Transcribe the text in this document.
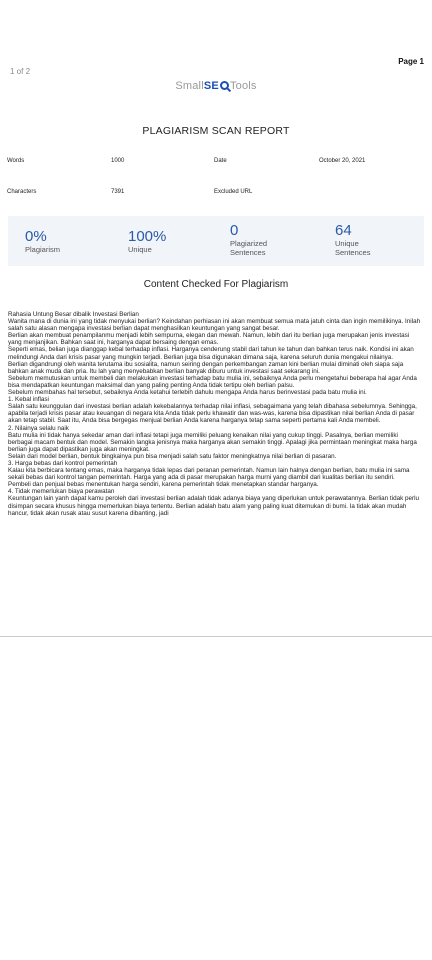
Page 1
1 of 2
SmallSE Tools
PLAGIARISM SCAN REPORT
Words	1000	Date	October 20, 2021
Characters	7391	Excluded URL
0%
Plagiarism
100%
Unique
0
Plagiarized
Sentences
64
Unique
Sentences
Content Checked For Plagiarism

Rahasia Untung Besar dibalik Investasi Berlian

Wanita mana di dunia ini yang tidak menyukai berlian? Keindahan perhiasan ini akan membuat semua mata jatuh cinta dan ingin memilikinya. Inilah salah satu alasan mengapa investasi berlian dapat menghasilkan keuntungan yang sangat besar.

Berlian akan membuat penampilanmu menjadi lebih sempurna, elegan dan mewah. Namun, lebih dari itu berlian juga merupakan jenis investasi yang menjanjikan. Bahkan saat ini, harganya dapat bersaing dengan emas.

Seperti emas, belian juga dianggap kebal terhadap inflasi. Harganya cenderung stabil dari tahun ke tahun dan bahkan terus naik. Kondisi ini akan melindungi Anda dari krisis pasar yang mungkin terjadi. Berlian juga bisa digunakan dimana saja, karena seluruh dunia mengakui nilainya.

Berlian digandrungi oleh wanita terutama ibu sosialita, namun seiring dengan perkembangan zaman kini berlian mulai diminati oleh siapa saja bahkan anak muda dan pria. Itu lah yang menyebabkan berlian banyak diburu untuk investasi saat sekarang ini.

Sebelum memutuskan untuk membeli dan melakukan investasi terhadap batu mulia ini, sebaiknya Anda perlu mengetahui beberapa hal agar Anda bisa mendapatkan keuntungan maksimal dan yang paling penting Anda tidak tertipu oleh berlian palsu.

Sebelum membahas hal tersebut, sebaiknya Anda ketahui terlebih dahulu mengapa Anda harus berinvestasi pada batu mulia ini.

1. Kebal inflasi

Salah satu keunggulan dari investasi berlian adalah kekebalannya terhadap nilai inflasi, sebagaimana yang telah dibahasa sebelumnya. Sehingga, apabila terjadi krisis pasar atau keuangan di negara kita Anda tidak perlu khawatir dan was-was, karena bisa dipastikan nilai berlian Anda di pasar akan tetap stabil. Saat itu, Anda bisa bergegas menjual berlian Anda karena harganya tetap sama seperti pertama kali Anda membeli.

2. Nilainya selalu naik

Batu mulia ini tidak hanya sekedar aman dari inflasi tetapi juga memiliki peluang kenaikan nilai yang cukup tinggi. Pasalnya, berlian memiliki berbagai macam bentuk dan model. Semakin langka jenisnya maka harganya akan semakin tinggi. Apalagi jika permintaan meningkat maka harga berlian juga dapat dipastikan juga akan meningkat.

Selain dari model berlian, bentuk bingkainya pun bisa menjadi salah satu faktor meningkatnya nilai berlian di pasaran.

3. Harga bebas dari kontrol pemerintah

Kalau kita berbicara tentang emas, maka harganya tidak lepas dari peranan pemerintah. Namun lain halnya dengan berlian, batu mulia ini sama sekali bebas dari kontrol tangan pemerintah. Harga yang ada di pasar merupakan harga murni yang diambil dari kualitas berlian itu sendiri.

Pembeli dan penjual bebas menentukan harga sendiri, karena pemerintah tidak menetapkan standar harganya.

4. Tidak memerlukan biaya perawatan

Keuntungan lain yanh dapat kamu peroleh dari investasi berlian adalah tidak adanya biaya yang diperlukan untuk perawatannya. Berlian tidak perlu disimpan secara khusus hingga memerlukan biaya tertentu. Berlian adalah batu alam yang paling kuat ditemukan di bumi. Ia tidak akan mudah hancur, tidak akan rusak atau susut karena dibanting, jadi
